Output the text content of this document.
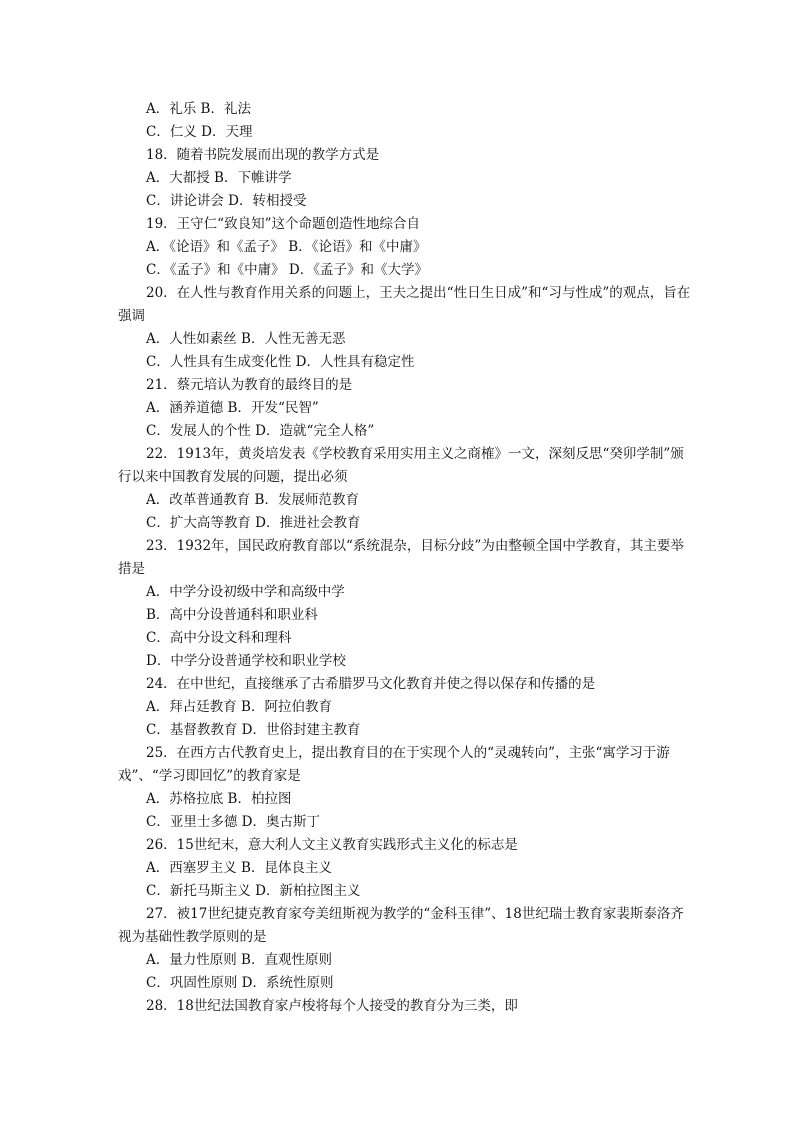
A．礼乐 B．礼法
C．仁义 D．天理
18．随着书院发展而出现的教学方式是
A．大都授 B．下帷讲学
C．讲论讲会 D．转相授受
19．王守仁“致良知”这个命题创造性地综合自
A．《论语》和《孟子》 B．《论语》和《中庸》
C．《孟子》和《中庸》 D．《孟子》和《大学》
20．在人性与教育作用关系的问题上，王夫之提出“性日生日成”和“习与性成”的观点，旨在强调
A．人性如素丝 B．人性无善无恶
C．人性具有生成变化性 D．人性具有稳定性
21．蔡元培认为教育的最终目的是
A．涵养道德 B．开发“民智”
C．发展人的个性 D．造就“完全人格”
22．1913年，黄炎培发表《学校教育采用实用主义之商榷》一文，深刻反思“癸卯学制”颁行以来中国教育发展的问题，提出必须
A．改革普通教育 B．发展师范教育
C．扩大高等教育 D．推进社会教育
23．1932年，国民政府教育部以“系统混杂，目标分歧”为由整顿全国中学教育，其主要举措是
A．中学分设初级中学和高级中学
B．高中分设普通科和职业科
C．高中分设文科和理科
D．中学分设普通学校和职业学校
24．在中世纪，直接继承了古希腊罗马文化教育并使之得以保存和传播的是
A．拜占廷教育 B．阿拉伯教育
C．基督教教育 D．世俗封建主教育
25．在西方古代教育史上，提出教育目的在于实现个人的“灵魂转向”，主张“寓学习于游戏”、“学习即回忆”的教育家是
A．苏格拉底 B．柏拉图
C．亚里士多德 D．奥古斯丁
26．15世纪末，意大利人文主义教育实践形式主义化的标志是
A．西塞罗主义 B．昆体良主义
C．新托马斯主义 D．新柏拉图主义
27．被17世纪捷克教育家夸美纽斯视为教学的“金科玉律”、18世纪瑞士教育家裴斯泰洛齐视为基础性教学原则的是
A．量力性原则 B．直观性原则
C．巩固性原则 D．系统性原则
28．18世纪法国教育家卢梭将每个人接受的教育分为三类，即
